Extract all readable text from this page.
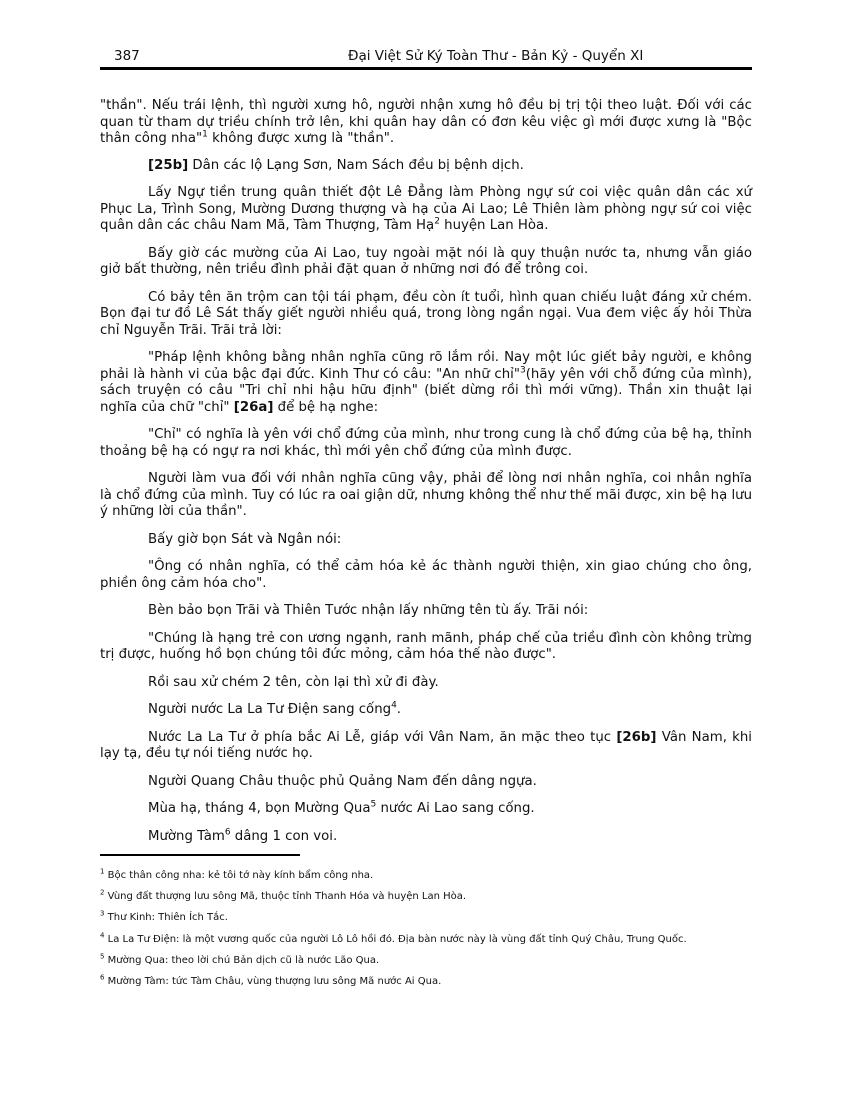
387	Đại Việt Sử Ký Toàn Thư - Bản Kỷ - Quyển XI

"thần". Nếu trái lệnh, thì người xưng hô, người nhận xưng hô đều bị trị tội theo luật. Đối với các quan từ tham dự triều chính trở lên, khi quân hay dân có đơn kêu việc gì mới được xưng là "Bộc thân công nha"$^1$ không được xưng là "thần".

[25b] Dân các lộ Lạng Sơn, Nam Sách đều bị bệnh dịch.

Lấy Ngự tiền trung quân thiết đột Lê Đẳng làm Phòng ngự sứ coi việc quân dân các xứ Phục La, Trình Song, Mường Dương thượng và hạ của Ai Lao; Lê Thiên làm phòng ngự sứ coi việc quân dân các châu Nam Mã, Tàm Thượng, Tàm Hạ$^2$ huyện Lan Hòa.

Bấy giờ các mường của Ai Lao, tuy ngoài mặt nói là quy thuận nước ta, nhưng vẫn giáo giở bất thường, nên triều đình phải đặt quan ở những nơi đó để trông coi.

Có bảy tên ăn trộm can tội tái phạm, đều còn ít tuổi, hình quan chiếu luật đáng xử chém. Bọn đại tư đồ Lê Sát thấy giết người nhiều quá, trong lòng ngần ngại. Vua đem việc ấy hỏi Thừa chỉ Nguyễn Trãi. Trãi trả lời:

"Pháp lệnh không bằng nhân nghĩa cũng rõ lắm rồi. Nay một lúc giết bảy người, e không phải là hành vi của bậc đại đức. Kinh Thư có câu: "An nhữ chỉ"$^3$(hãy yên với chỗ đứng của mình), sách truyện có câu "Tri chỉ nhi hậu hữu định" (biết dừng rồi thì mới vững). Thần xin thuật lại nghĩa của chữ "chỉ" [26a] để bệ hạ nghe:

"Chỉ" có nghĩa là yên với chổ đứng của mình, như trong cung là chổ đứng của bệ hạ, thỉnh thoảng bệ hạ có ngự ra nơi khác, thì mới yên chổ đứng của mình được.

Người làm vua đối với nhân nghĩa cũng vậy, phải để lòng nơi nhân nghĩa, coi nhân nghĩa là chổ đứng của mình. Tuy có lúc ra oai giận dữ, nhưng không thể như thế mãi được, xin bệ hạ lưu ý những lời của thần".

Bấy giờ bọn Sát và Ngân nói:

"Ông có nhân nghĩa, có thể cảm hóa kẻ ác thành người thiện, xin giao chúng cho ông, phiền ông cảm hóa cho".

Bèn bảo bọn Trãi và Thiên Tước nhận lấy những tên tù ấy. Trãi nói:

"Chúng là hạng trẻ con ương ngạnh, ranh mãnh, pháp chế của triều đình còn không trừng trị được, huống hồ bọn chúng tôi đức mỏng, cảm hóa thế nào được".

Rồi sau xử chém 2 tên, còn lại thì xử đi đày.

Người nước La La Tư Điện sang cống$^4$.

Nước La La Tư ở phía bắc Ai Lễ, giáp với Vân Nam, ăn mặc theo tục [26b] Vân Nam, khi lạy tạ, đều tự nói tiếng nước họ.

Người Quang Châu thuộc phủ Quảng Nam đến dâng ngựa.

Mùa hạ, tháng 4, bọn Mường Qua$^5$ nước Ai Lao sang cống.

Mường Tàm$^6$ dâng 1 con voi.

$^1$ Bộc thân công nha: kẻ tôi tớ này kính bẩm công nha.
$^2$ Vùng đất thượng lưu sông Mã, thuộc tỉnh Thanh Hóa và huyện Lan Hòa.
$^3$ Thư Kinh: Thiên Ích Tắc.
$^4$ La La Tư Điện: là một vương quốc của người Lô Lô hồi đó. Địa bàn nước này là vùng đất tỉnh Quý Châu, Trung Quốc.
$^5$ Mường Qua: theo lời chú Bản dịch cũ là nước Lão Qua.
$^6$ Mường Tàm: tức Tàm Châu, vùng thượng lưu sông Mã nước Ai Qua.
